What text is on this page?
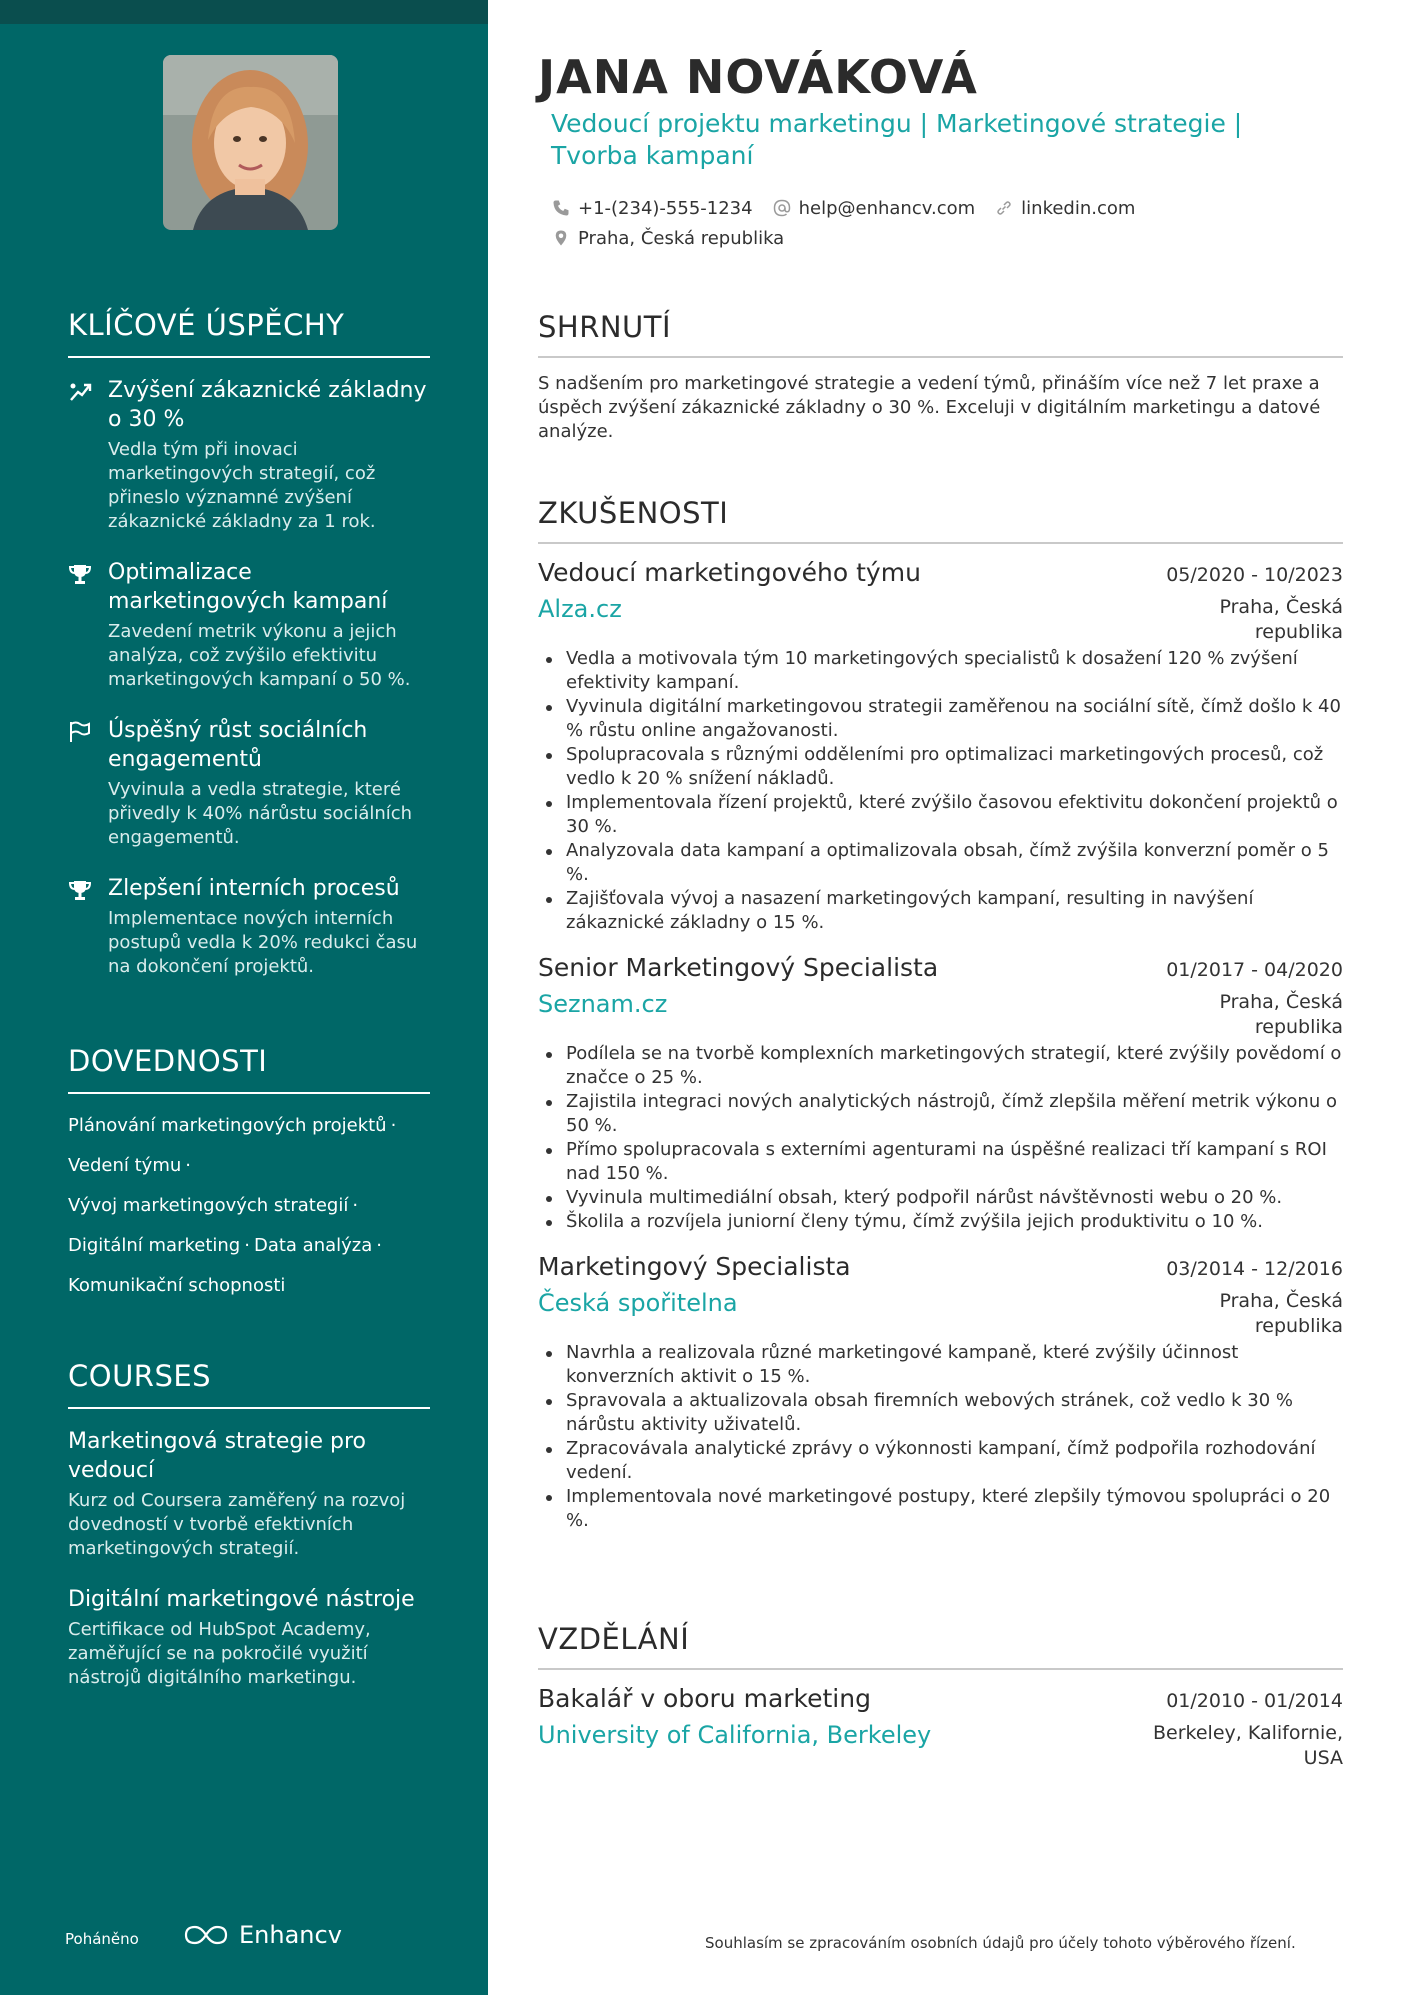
KLÍČOVÉ ÚSPĚCHY
Zvýšení zákaznické základny o 30 %
Vedla tým při inovaci marketingových strategií, což přineslo významné zvýšení zákaznické základny za 1 rok.
Optimalizace marketingových kampaní
Zavedení metrik výkonu a jejich analýza, což zvýšilo efektivitu marketingových kampaní o 50 %.
Úspěšný růst sociálních engagementů
Vyvinula a vedla strategie, které přivedly k 40% nárůstu sociálních engagementů.
Zlepšení interních procesů
Implementace nových interních postupů vedla k 20% redukci času na dokončení projektů.
DOVEDNOSTI
Plánování marketingových projektů ·
Vedení týmu ·
Vývoj marketingových strategií ·
Digitální marketing · Data analýza ·
Komunikační schopnosti
COURSES
Marketingová strategie pro vedoucí
Kurz od Coursera zaměřený na rozvoj dovedností v tvorbě efektivních marketingových strategií.
Digitální marketingové nástroje
Certifikace od HubSpot Academy, zaměřující se na pokročilé využití nástrojů digitálního marketingu.
Poháněno	Enhancv
JANA NOVÁKOVÁ
Vedoucí projektu marketingu | Marketingové strategie | Tvorba kampaní
+1-(234)-555-1234	help@enhancv.com	linkedin.com
Praha, Česká republika
SHRNUTÍ
S nadšením pro marketingové strategie a vedení týmů, přináším více než 7 let praxe a úspěch zvýšení zákaznické základny o 30 %. Exceluji v digitálním marketingu a datové analýze.
ZKUŠENOSTI
Vedoucí marketingového týmu	05/2020 - 10/2023
Alza.cz	Praha, Česká republika
Vedla a motivovala tým 10 marketingových specialistů k dosažení 120 % zvýšení efektivity kampaní.
Vyvinula digitální marketingovou strategii zaměřenou na sociální sítě, čímž došlo k 40 % růstu online angažovanosti.
Spolupracovala s různými odděleními pro optimalizaci marketingových procesů, což vedlo k 20 % snížení nákladů.
Implementovala řízení projektů, které zvýšilo časovou efektivitu dokončení projektů o 30 %.
Analyzovala data kampaní a optimalizovala obsah, čímž zvýšila konverzní poměr o 5 %.
Zajišťovala vývoj a nasazení marketingových kampaní, resulting in navýšení zákaznické základny o 15 %.
Senior Marketingový Specialista	01/2017 - 04/2020
Seznam.cz	Praha, Česká republika
Podílela se na tvorbě komplexních marketingových strategií, které zvýšily povědomí o značce o 25 %.
Zajistila integraci nových analytických nástrojů, čímž zlepšila měření metrik výkonu o 50 %.
Přímo spolupracovala s externími agenturami na úspěšné realizaci tří kampaní s ROI nad 150 %.
Vyvinula multimediální obsah, který podpořil nárůst návštěvnosti webu o 20 %.
Školila a rozvíjela juniorní členy týmu, čímž zvýšila jejich produktivitu o 10 %.
Marketingový Specialista	03/2014 - 12/2016
Česká spořitelna	Praha, Česká republika
Navrhla a realizovala různé marketingové kampaně, které zvýšily účinnost konverzních aktivit o 15 %.
Spravovala a aktualizovala obsah firemních webových stránek, což vedlo k 30 % nárůstu aktivity uživatelů.
Zpracovávala analytické zprávy o výkonnosti kampaní, čímž podpořila rozhodování vedení.
Implementovala nové marketingové postupy, které zlepšily týmovou spolupráci o 20 %.
VZDĚLÁNÍ
Bakalář v oboru marketing	01/2010 - 01/2014
University of California, Berkeley	Berkeley, Kalifornie, USA
Souhlasím se zpracováním osobních údajů pro účely tohoto výběrového řízení.
